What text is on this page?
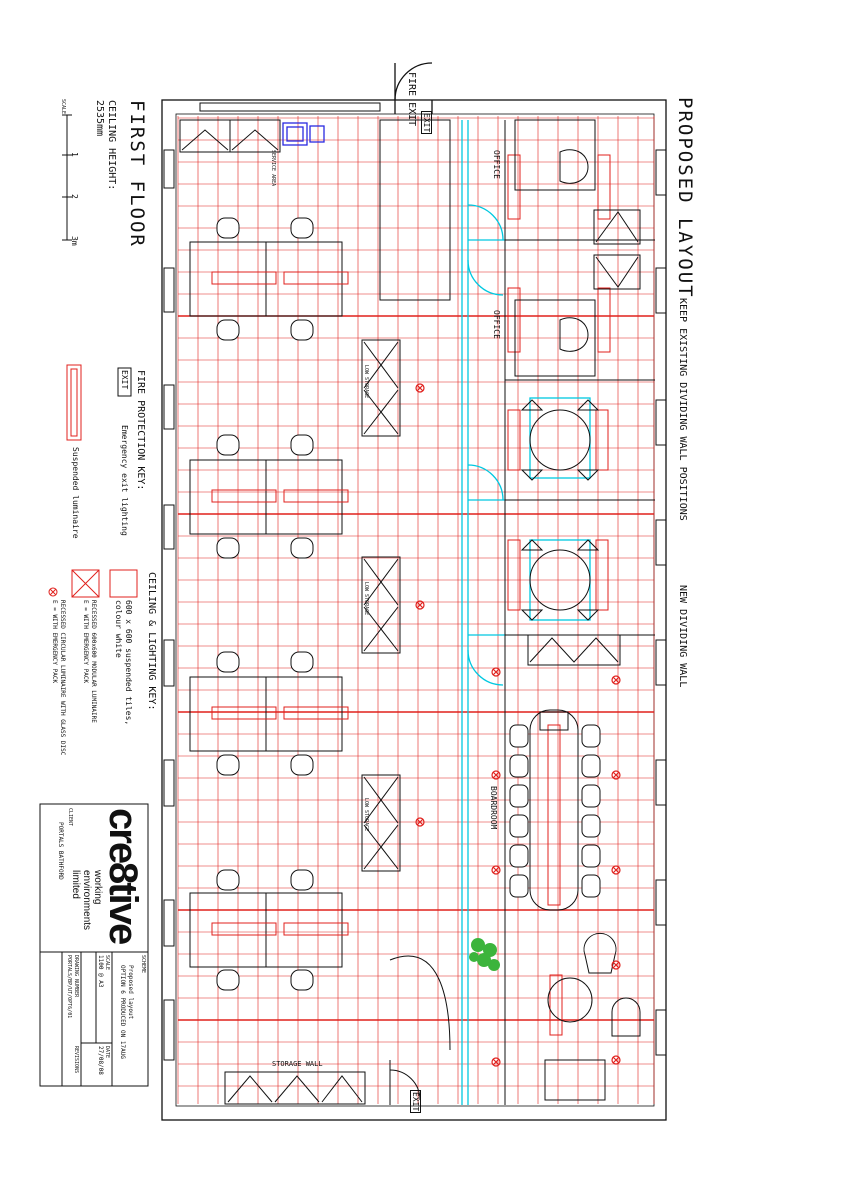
PROPOSED LAYOUT
KEEP EXISTING DIVIDING WALL POSITIONS
NEW DIVIDING WALL
FIRST FLOOR
CEILING HEIGHT:
2535mm
SCALE
1
2
3m
FIRE EXIT EXIT
EXIT
SERVICE AREA	OFFICE
OFFICE
LOW STORAGE
LOW STORAGE
LOW STORAGE	BOARDROOM
STORAGE WALL
FIRE PROTECTION KEY:
EXIT
Emergency exit lighting
Suspended luminaire
CEILING & LIGHTING KEY:
600 x 600 suspended tiles,
colour white
RECESSED 600x600 MODULAR LUMINAIRE
E = WITH EMERGENCY PACK
RECESSED CIRCULAR LUMINAIRE WITH GLASS DISC
E = WITH EMERGENCY PACK
cre8tive
working environments limited
CLIENT
PORTALS BATHFORD
SCHEME
Proposed layout
OPTION 6 PRODUCED ON 17AUG
SCALE
1100 @ A3
DATE
27/08/08
DRAWING NUMBER
PORTALS/BP/UT/OPT6/01
REVISIONS
